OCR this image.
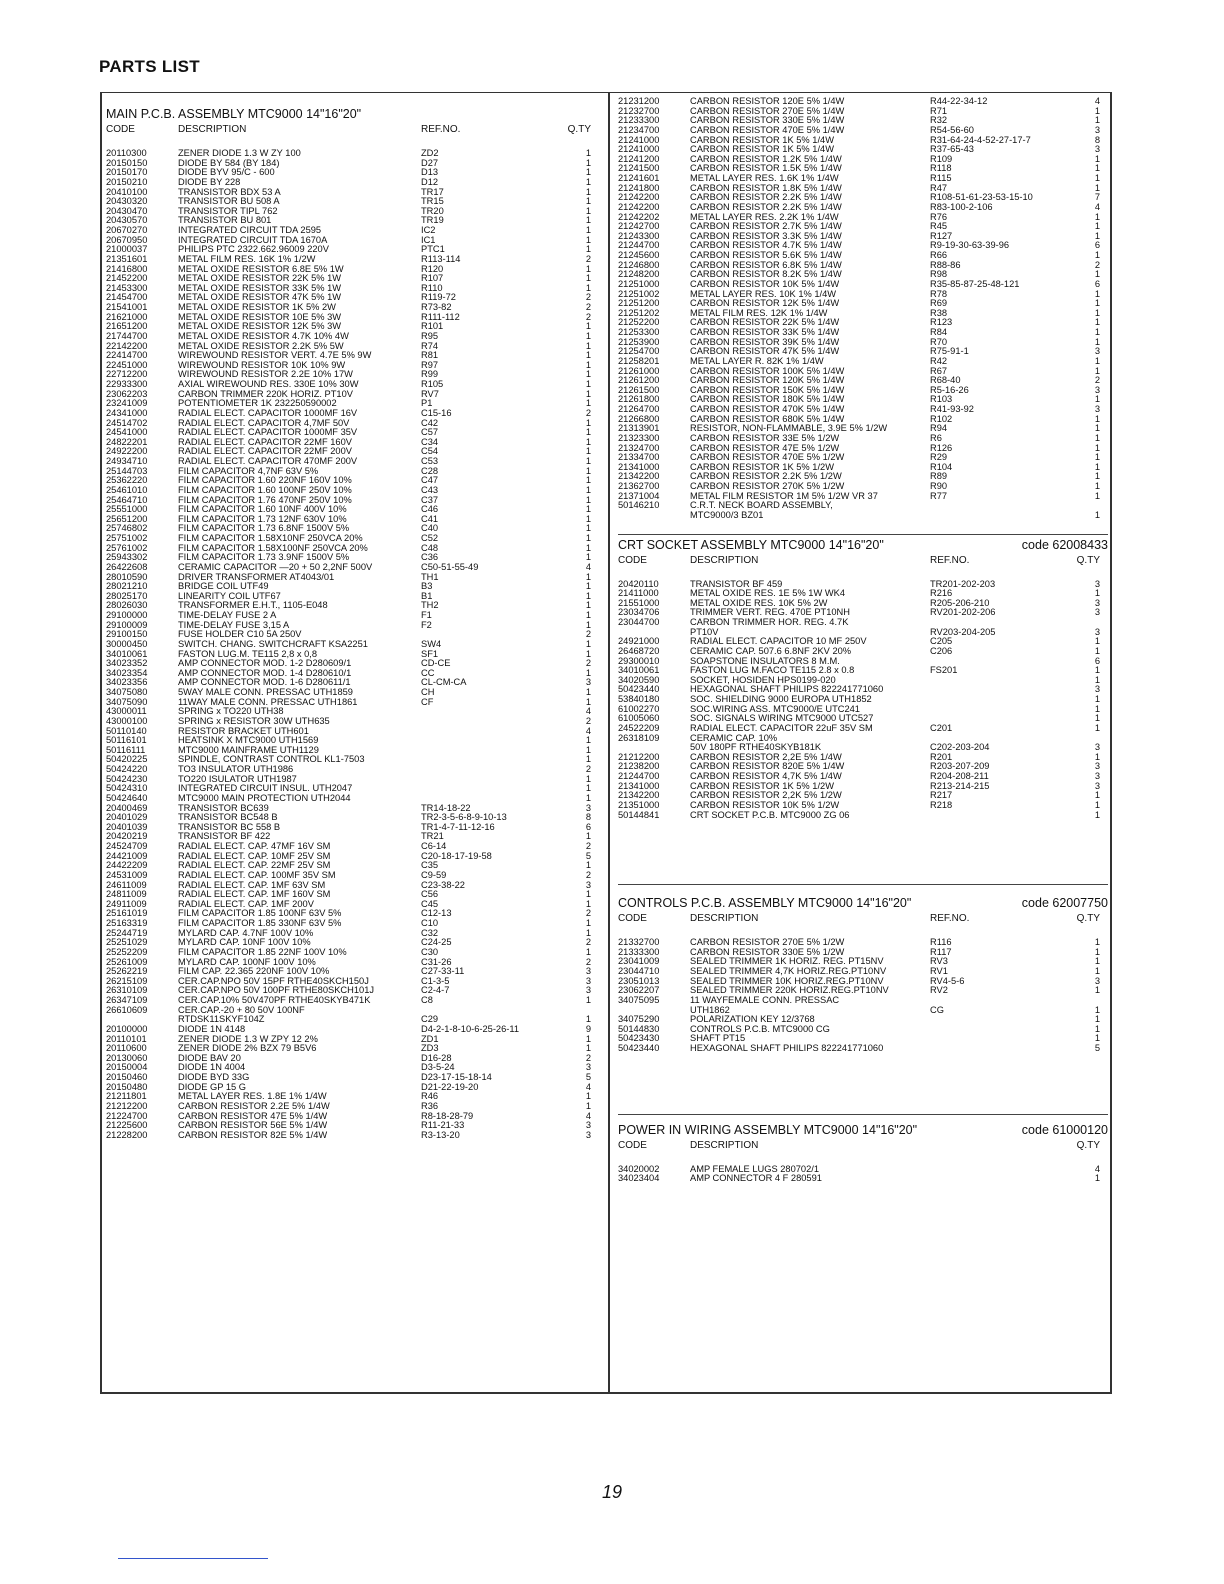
PARTS LIST
MAIN P.C.B. ASSEMBLY MTC9000 14"16"20"
CODE	DESCRIPTION	REF.NO.	Q.TY
20110300	ZENER DIODE 1.3 W ZY 100	ZD2	1
20150150	DIODE BY 584 (BY 184)	D27	1
20150170	DIODE BYV 95/C - 600	D13	1
20150210	DIODE BY 228	D12	1
20410100	TRANSISTOR BDX 53 A	TR17	1
20430320	TRANSISTOR BU 508 A	TR15	1
20430470	TRANSISTOR TIPL 762	TR20	1
20430570	TRANSISTOR BU 801	TR19	1
20670270	INTEGRATED CIRCUIT TDA 2595	IC2	1
20670950	INTEGRATED CIRCUIT TDA 1670A	IC1	1
21000037	PHILIPS PTC 2322.662.96009 220V	PTC1	1
21351601	METAL FILM RES. 16K 1% 1/2W	R113-114	2
21416800	METAL OXIDE RESISTOR 6.8E 5% 1W	R120	1
21452200	METAL OXIDE RESISTOR 22K 5% 1W	R107	1
21453300	METAL OXIDE RESISTOR 33K 5% 1W	R110	1
21454700	METAL OXIDE RESISTOR 47K 5% 1W	R119-72	2
21541001	METAL OXIDE RESISTOR 1K 5% 2W	R73-82	2
21621000	METAL OXIDE RESISTOR 10E 5% 3W	R111-112	2
21651200	METAL OXIDE RESISTOR 12K 5% 3W	R101	1
21744700	METAL OXIDE RESISTOR 4.7K 10% 4W	R95	1
22142200	METAL OXIDE RESISTOR 2.2K 5% 5W	R74	1
22414700	WIREWOUND RESISTOR VERT. 4.7E 5% 9W	R81	1
22451000	WIREWOUND RESISTOR 10K 10% 9W	R97	1
22712200	WIREWOUND RESISTOR 2.2E 10% 17W	R99	1
22933300	AXIAL WIREWOUND RES. 330E 10% 30W	R105	1
23062203	CARBON TRIMMER 220K HORIZ. PT10V	RV7	1
23241009	POTENTIOMETER 1K 232250590002	P1	1
24341000	RADIAL ELECT. CAPACITOR 1000MF 16V	C15-16	2
24514702	RADIAL ELECT. CAPACITOR 4,7MF 50V	C42	1
24541000	RADIAL ELECT. CAPACITOR 1000MF 35V	C57	1
24822201	RADIAL ELECT. CAPACITOR 22MF 160V	C34	1
24922200	RADIAL ELECT. CAPACITOR 22MF 200V	C54	1
24934710	RADIAL ELECT. CAPACITOR 470MF 200V	C53	1
25144703	FILM CAPACITOR 4,7NF 63V 5%	C28	1
25362220	FILM CAPACITOR 1.60 220NF 160V 10%	C47	1
25461010	FILM CAPACITOR 1.60 100NF 250V 10%	C43	1
25464710	FILM CAPACITOR 1.76 470NF 250V 10%	C37	1
25551000	FILM CAPACITOR 1.60 10NF 400V 10%	C46	1
25651200	FILM CAPACITOR 1.73 12NF 630V 10%	C41	1
25746802	FILM CAPACITOR 1.73 6.8NF 1500V 5%	C40	1
25751002	FILM CAPACITOR 1.58X10NF 250VCA 20%	C52	1
25761002	FILM CAPACITOR 1.58X100NF 250VCA 20%	C48	1
25943302	FILM CAPACITOR 1.73 3.9NF 1500V 5%	C36	1
26422608	CERAMIC CAPACITOR —20 + 50 2,2NF 500V	C50-51-55-49	4
28010590	DRIVER TRANSFORMER AT4043/01	TH1	1
28021210	BRIDGE COIL UTF49	B3	1
28025170	LINEARITY COIL UTF67	B1	1
28026030	TRANSFORMER E.H.T., 1105-E048	TH2	1
29100000	TIME-DELAY FUSE 2 A	F1	1
29100009	TIME-DELAY FUSE 3,15 A	F2	1
29100150	FUSE HOLDER C10 5A 250V	2
30000450	SWITCH. CHANG. SWITCHCRAFT KSA2251	SW4	1
34010061	FASTON LUG.M. TE115 2,8 x 0,8	SF1	1
34023352	AMP CONNECTOR MOD. 1-2 D280609/1	CD-CE	2
34023354	AMP CONNECTOR MOD. 1-4 D280610/1	CC	1
34023356	AMP CONNECTOR MOD. 1-6 D280611/1	CL-CM-CA	3
34075080	5WAY MALE CONN. PRESSAC UTH1859	CH	1
34075090	11WAY MALE CONN. PRESSAC UTH1861	CF	1
43000011	SPRING x TO220 UTH38	4
43000100	SPRING x RESISTOR 30W UTH635	2
50110140	RESISTOR BRACKET UTH601	4
50116101	HEATSINK X MTC9000 UTH1569	1
50116111	MTC9000 MAINFRAME UTH1129	1
50420225	SPINDLE, CONTRAST CONTROL KL1-7503	1
50424220	TO3 INSULATOR UTH1986	2
50424230	TO220 ISULATOR UTH1987	1
50424310	INTEGRATED CIRCUIT INSUL. UTH2047	1
50424640	MTC9000 MAIN PROTECTION UTH2044	1
20400469	TRANSISTOR BC639	TR14-18-22	3
20401029	TRANSISTOR BC548 B	TR2-3-5-6-8-9-10-13	8
20401039	TRANSISTOR BC 558 B	TR1-4-7-11-12-16	6
20420219	TRANSISTOR BF 422	TR21	1
24524709	RADIAL ELECT. CAP. 47MF 16V SM	C6-14	2
24421009	RADIAL ELECT. CAP. 10MF 25V SM	C20-18-17-19-58	5
24422209	RADIAL ELECT. CAP. 22MF 25V SM	C35	1
24531009	RADIAL ELECT. CAP. 100MF 35V SM	C9-59	2
24611009	RADIAL ELECT. CAP. 1MF 63V SM	C23-38-22	3
24811009	RADIAL ELECT. CAP. 1MF 160V SM	C56	1
24911009	RADIAL ELECT. CAP. 1MF 200V	C45	1
25161019	FILM CAPACITOR 1.85 100NF 63V 5%	C12-13	2
25163319	FILM CAPACITOR 1.85 330NF 63V 5%	C10	1
25244719	MYLARD CAP. 4.7NF 100V 10%	C32	1
25251029	MYLARD CAP. 10NF 100V 10%	C24-25	2
25252209	FILM CAPACITOR 1.85 22NF 100V 10%	C30	1
25261009	MYLARD CAP. 100NF 100V 10%	C31-26	2
25262219	FILM CAP. 22.365 220NF 100V 10%	C27-33-11	3
26215109	CER.CAP.NPO 50V 15PF RTHE40SKCH150J	C1-3-5	3
26310109	CER.CAP.NPO 50V 100PF RTHE80SKCH101J	C2-4-7	3
26347109	CER.CAP.10% 50V470PF RTHE40SKYB471K	C8	1
26610609	CER.CAP.-20 + 80 50V 100NF
RTDSK11SKYF104Z	C29	1
20100000	DIODE 1N 4148	D4-2-1-8-10-6-25-26-11	9
20110101	ZENER DIODE 1.3 W ZPY 12 2%	ZD1	1
20110600	ZENER DIODE 2% BZX 79 B5V6	ZD3	1
20130060	DIODE BAV 20	D16-28	2
20150004	DIODE 1N 4004	D3-5-24	3
20150460	DIODE BYD 33G	D23-17-15-18-14	5
20150480	DIODE GP 15 G	D21-22-19-20	4
21211801	METAL LAYER RES. 1.8E 1% 1/4W	R46	1
21212200	CARBON RESISTOR 2.2E 5% 1/4W	R36	1
21224700	CARBON RESISTOR 47E 5% 1/4W	R8-18-28-79	4
21225600	CARBON RESISTOR 56E 5% 1/4W	R11-21-33	3
21228200	CARBON RESISTOR 82E 5% 1/4W	R3-13-20	3
21231200	CARBON RESISTOR 120E 5% 1/4W	R44-22-34-12	4
21232700	CARBON RESISTOR 270E 5% 1/4W	R71	1
21233300	CARBON RESISTOR 330E 5% 1/4W	R32	1
21234700	CARBON RESISTOR 470E 5% 1/4W	R54-56-60	3
21241000	CARBON RESISTOR 1K 5% 1/4W	R31-64-24-4-52-27-17-7	8
21241000	CARBON RESISTOR 1K 5% 1/4W	R37-65-43	3
21241200	CARBON RESISTOR 1.2K 5% 1/4W	R109	1
21241500	CARBON RESISTOR 1.5K 5% 1/4W	R118	1
21241601	METAL LAYER RES. 1.6K 1% 1/4W	R115	1
21241800	CARBON RESISTOR 1.8K 5% 1/4W	R47	1
21242200	CARBON RESISTOR 2.2K 5% 1/4W	R108-51-61-23-53-15-10	7
21242200	CARBON RESISTOR 2.2K 5% 1/4W	R83-100-2-106	4
21242202	METAL LAYER RES. 2.2K 1% 1/4W	R76	1
21242700	CARBON RESISTOR 2.7K 5% 1/4W	R45	1
21243300	CARBON RESISTOR 3.3K 5% 1/4W	R127	1
21244700	CARBON RESISTOR 4.7K 5% 1/4W	R9-19-30-63-39-96	6
21245600	CARBON RESISTOR 5.6K 5% 1/4W	R66	1
21246800	CARBON RESISTOR 6.8K 5% 1/4W	R88-86	2
21248200	CARBON RESISTOR 8.2K 5% 1/4W	R98	1
21251000	CARBON RESISTOR 10K 5% 1/4W	R35-85-87-25-48-121	6
21251002	METAL LAYER RES. 10K 1% 1/4W	R78	1
21251200	CARBON RESISTOR 12K 5% 1/4W	R69	1
21251202	METAL FILM RES. 12K 1% 1/4W	R38	1
21252200	CARBON RESISTOR 22K 5% 1/4W	R123	1
21253300	CARBON RESISTOR 33K 5% 1/4W	R84	1
21253900	CARBON RESISTOR 39K 5% 1/4W	R70	1
21254700	CARBON RESISTOR 47K 5% 1/4W	R75-91-1	3
21258201	METAL LAYER R. 82K 1% 1/4W	R42	1
21261000	CARBON RESISTOR 100K 5% 1/4W	R67	1
21261200	CARBON RESISTOR 120K 5% 1/4W	R68-40	2
21261500	CARBON RESISTOR 150K 5% 1/4W	R5-16-26	3
21261800	CARBON RESISTOR 180K 5% 1/4W	R103	1
21264700	CARBON RESISTOR 470K 5% 1/4W	R41-93-92	3
21266800	CARBON RESISTOR 680K 5% 1/4W	R102	1
21313901	RESISTOR, NON-FLAMMABLE, 3.9E 5% 1/2W	R94	1
21323300	CARBON RESISTOR 33E 5% 1/2W	R6	1
21324700	CARBON RESISTOR 47E 5% 1/2W	R126	1
21334700	CARBON RESISTOR 470E 5% 1/2W	R29	1
21341000	CARBON RESISTOR 1K 5% 1/2W	R104	1
21342200	CARBON RESISTOR 2.2K 5% 1/2W	R89	1
21362700	CARBON RESISTOR 270K 5% 1/2W	R90	1
21371004	METAL FILM RESISTOR 1M 5% 1/2W VR 37	R77	1
50146210	C.R.T. NECK BOARD ASSEMBLY,
MTC9000/3 BZ01	1
CRT SOCKET ASSEMBLY MTC9000 14"16"20"	code 62008433
CODE	DESCRIPTION	REF.NO.	Q.TY
20420110	TRANSISTOR BF 459	TR201-202-203	3
21411000	METAL OXIDE RES. 1E 5% 1W WK4	R216	1
21551000	METAL OXIDE RES. 10K 5% 2W	R205-206-210	3
23034706	TRIMMER VERT. REG. 470E PT10NH	RV201-202-206	3
23044700	CARBON TRIMMER HOR. REG. 4.7K
PT10V	RV203-204-205	3
24921000	RADIAL ELECT. CAPACITOR 10 MF 250V	C205	1
26468720	CERAMIC CAP. 507.6 6.8NF 2KV 20%	C206	1
29300010	SOAPSTONE INSULATORS 8 M.M.	6
34010061	FASTON LUG M.FACO TE115 2.8 x 0.8	FS201	1
34020590	SOCKET, HOSIDEN HPS0199-020	1
50423440	HEXAGONAL SHAFT PHILIPS 822241771060	3
53840180	SOC. SHIELDING 9000 EUROPA UTH1852	1
61002270	SOC.WIRING ASS. MTC9000/E UTC241	1
61005060	SOC. SIGNALS WIRING MTC9000 UTC527	1
24522209	RADIAL ELECT. CAPACITOR 22uF 35V SM	C201	1
26318109	CERAMIC CAP. 10%
50V 180PF RTHE40SKYB181K	C202-203-204	3
21212200	CARBON RESISTOR 2,2E 5% 1/4W	R201	1
21238200	CARBON RESISTOR 820E 5% 1/4W	R203-207-209	3
21244700	CARBON RESISTOR 4,7K 5% 1/4W	R204-208-211	3
21341000	CARBON RESISTOR 1K 5% 1/2W	R213-214-215	3
21342200	CARBON RESISTOR 2,2K 5% 1/2W	R217	1
21351000	CARBON RESISTOR 10K 5% 1/2W	R218	1
50144841	CRT SOCKET P.C.B. MTC9000 ZG 06	1
CONTROLS P.C.B. ASSEMBLY MTC9000 14"16"20"	code 62007750
CODE	DESCRIPTION	REF.NO.	Q.TY
21332700	CARBON RESISTOR 270E 5% 1/2W	R116	1
21333300	CARBON RESISTOR 330E 5% 1/2W	R117	1
23041009	SEALED TRIMMER 1K HORIZ. REG. PT15NV	RV3	1
23044710	SEALED TRIMMER 4,7K HORIZ.REG.PT10NV	RV1	1
23051013	SEALED TRIMMER 10K HORIZ.REG.PT10NV	RV4-5-6	3
23062207	SEALED TRIMMER 220K HORIZ.REG.PT10NV	RV2	1
34075095	11 WAYFEMALE CONN. PRESSAC
UTH1862	CG	1
34075290	POLARIZATION KEY 12/3768	1
50144830	CONTROLS P.C.B. MTC9000 CG	1
50423430	SHAFT PT15	1
50423440	HEXAGONAL SHAFT PHILIPS 822241771060	5
POWER IN WIRING ASSEMBLY MTC9000 14"16"20"	code 61000120
CODE	DESCRIPTION	Q.TY
34020002	AMP FEMALE LUGS 280702/1	4
34023404	AMP CONNECTOR 4 F 280591	1

19
